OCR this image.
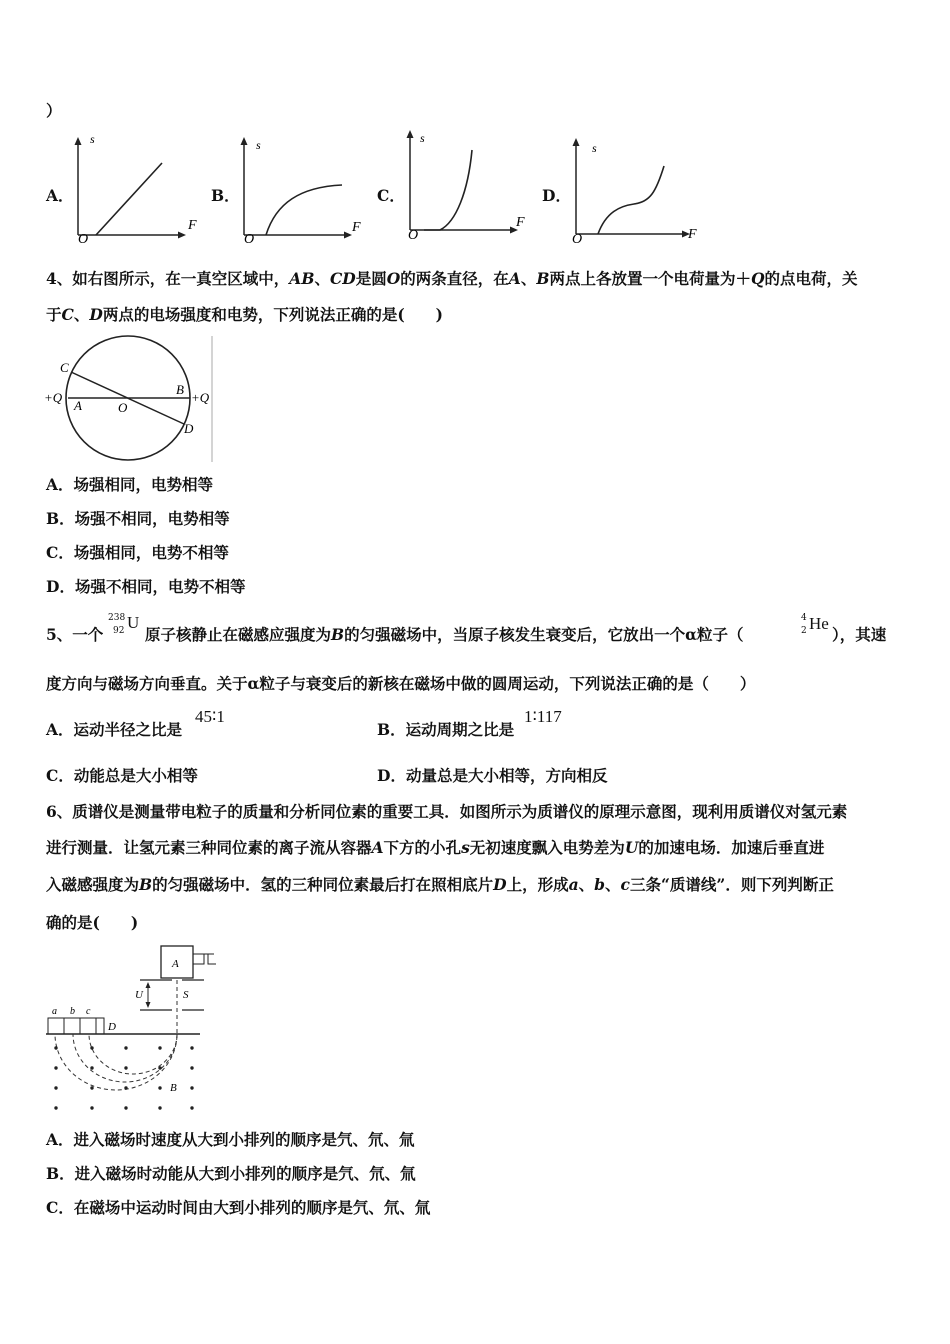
）
A．
s
F
O
B．
s
F
O
C．
s
F
O
D．
s
F
O
4、如右图所示，在一真空区域中，AB、CD是圆O的两条直径，在A、B两点上各放置一个电荷量为＋Q的点电荷，关
于C、D两点的电场强度和电势，下列说法正确的是(　　)
C
A	O
B
D
+Q	+Q
A．场强相同，电势相等
B．场强不相同，电势相等
C．场强相同，电势不相等
D．场强不相同，电势不相等
5、一个
238
92 U
原子核静止在磁感应强度为B的匀强磁场中，当原子核发生衰变后，它放出一个α粒子（
4
2 He
），其速
度方向与磁场方向垂直。关于α粒子与衰变后的新核在磁场中做的圆周运动，下列说法正确的是（　　）
A．运动半径之比是
45∶1
B．运动周期之比是
1∶117
C．动能总是大小相等	D．动量总是大小相等，方向相反
6、质谱仪是测量带电粒子的质量和分析同位素的重要工具．如图所示为质谱仪的原理示意图，现利用质谱仪对氢元素
进行测量．让氢元素三种同位素的离子流从容器A下方的小孔s无初速度飘入电势差为U的加速电场．加速后垂直进
入磁感强度为B的匀强磁场中．氢的三种同位素最后打在照相底片D上，形成a、b、c三条“质谱线”．则下列判断正
确的是(　　)
A
U	S
a b c
D
B
A．进入磁场时速度从大到小排列的顺序是氕、氘、氚
B．进入磁场时动能从大到小排列的顺序是氕、氘、氚
C．在磁场中运动时间由大到小排列的顺序是氕、氘、氚
